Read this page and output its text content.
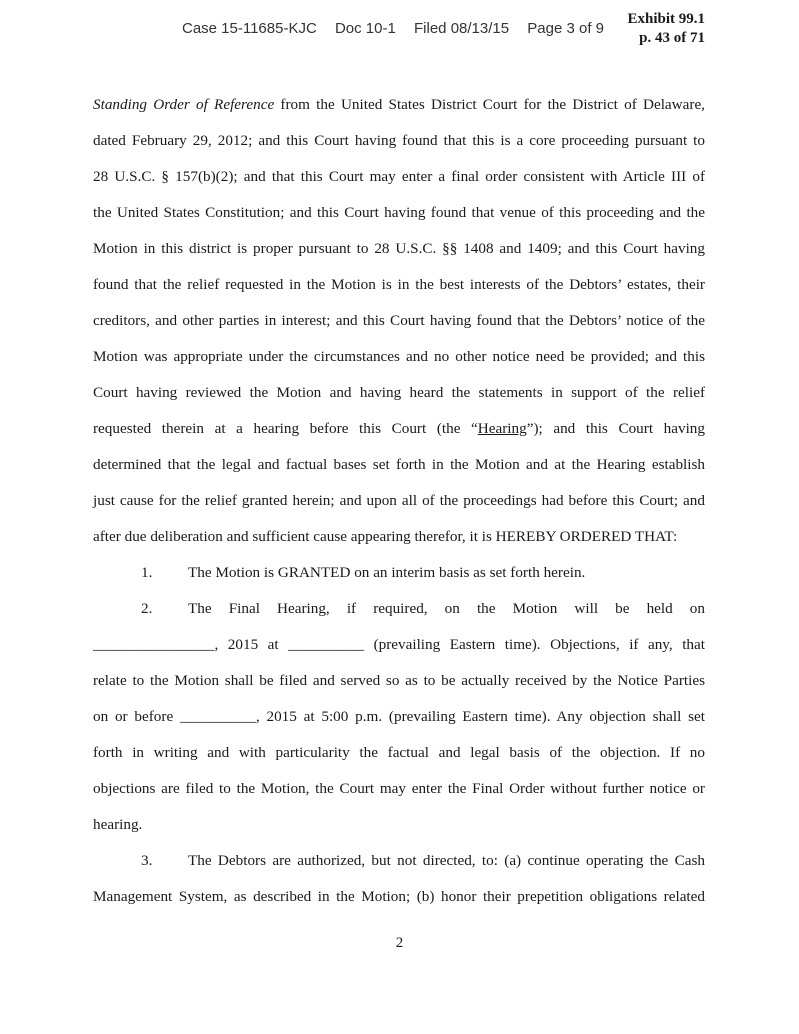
Case 15-11685-KJC Doc 10-1 Filed 08/13/15 Page 3 of 9
Exhibit 99.1
p. 43 of 71
Standing Order of Reference from the United States District Court for the District of Delaware,
dated February 29, 2012; and this Court having found that this is a core proceeding pursuant to
28 U.S.C. § 157(b)(2); and that this Court may enter a final order consistent with Article III of
the United States Constitution; and this Court having found that venue of this proceeding and the
Motion in this district is proper pursuant to 28 U.S.C. §§ 1408 and 1409; and this Court having
found that the relief requested in the Motion is in the best interests of the Debtors’ estates, their
creditors, and other parties in interest; and this Court having found that the Debtors’ notice of the
Motion was appropriate under the circumstances and no other notice need be provided; and this
Court having reviewed the Motion and having heard the statements in support of the relief
requested therein at a hearing before this Court (the “Hearing”); and this Court having
determined that the legal and factual bases set forth in the Motion and at the Hearing establish
just cause for the relief granted herein; and upon all of the proceedings had before this Court; and
after due deliberation and sufficient cause appearing therefor, it is HEREBY ORDERED THAT:
1. The Motion is GRANTED on an interim basis as set forth herein.
2. The Final Hearing, if required, on the Motion will be held on
________________, 2015 at __________ (prevailing Eastern time). Objections, if any, that
relate to the Motion shall be filed and served so as to be actually received by the Notice Parties
on or before __________, 2015 at 5:00 p.m. (prevailing Eastern time). Any objection shall set
forth in writing and with particularity the factual and legal basis of the objection. If no
objections are filed to the Motion, the Court may enter the Final Order without further notice or
hearing.
3. The Debtors are authorized, but not directed, to: (a) continue operating the Cash
Management System, as described in the Motion; (b) honor their prepetition obligations related
2
